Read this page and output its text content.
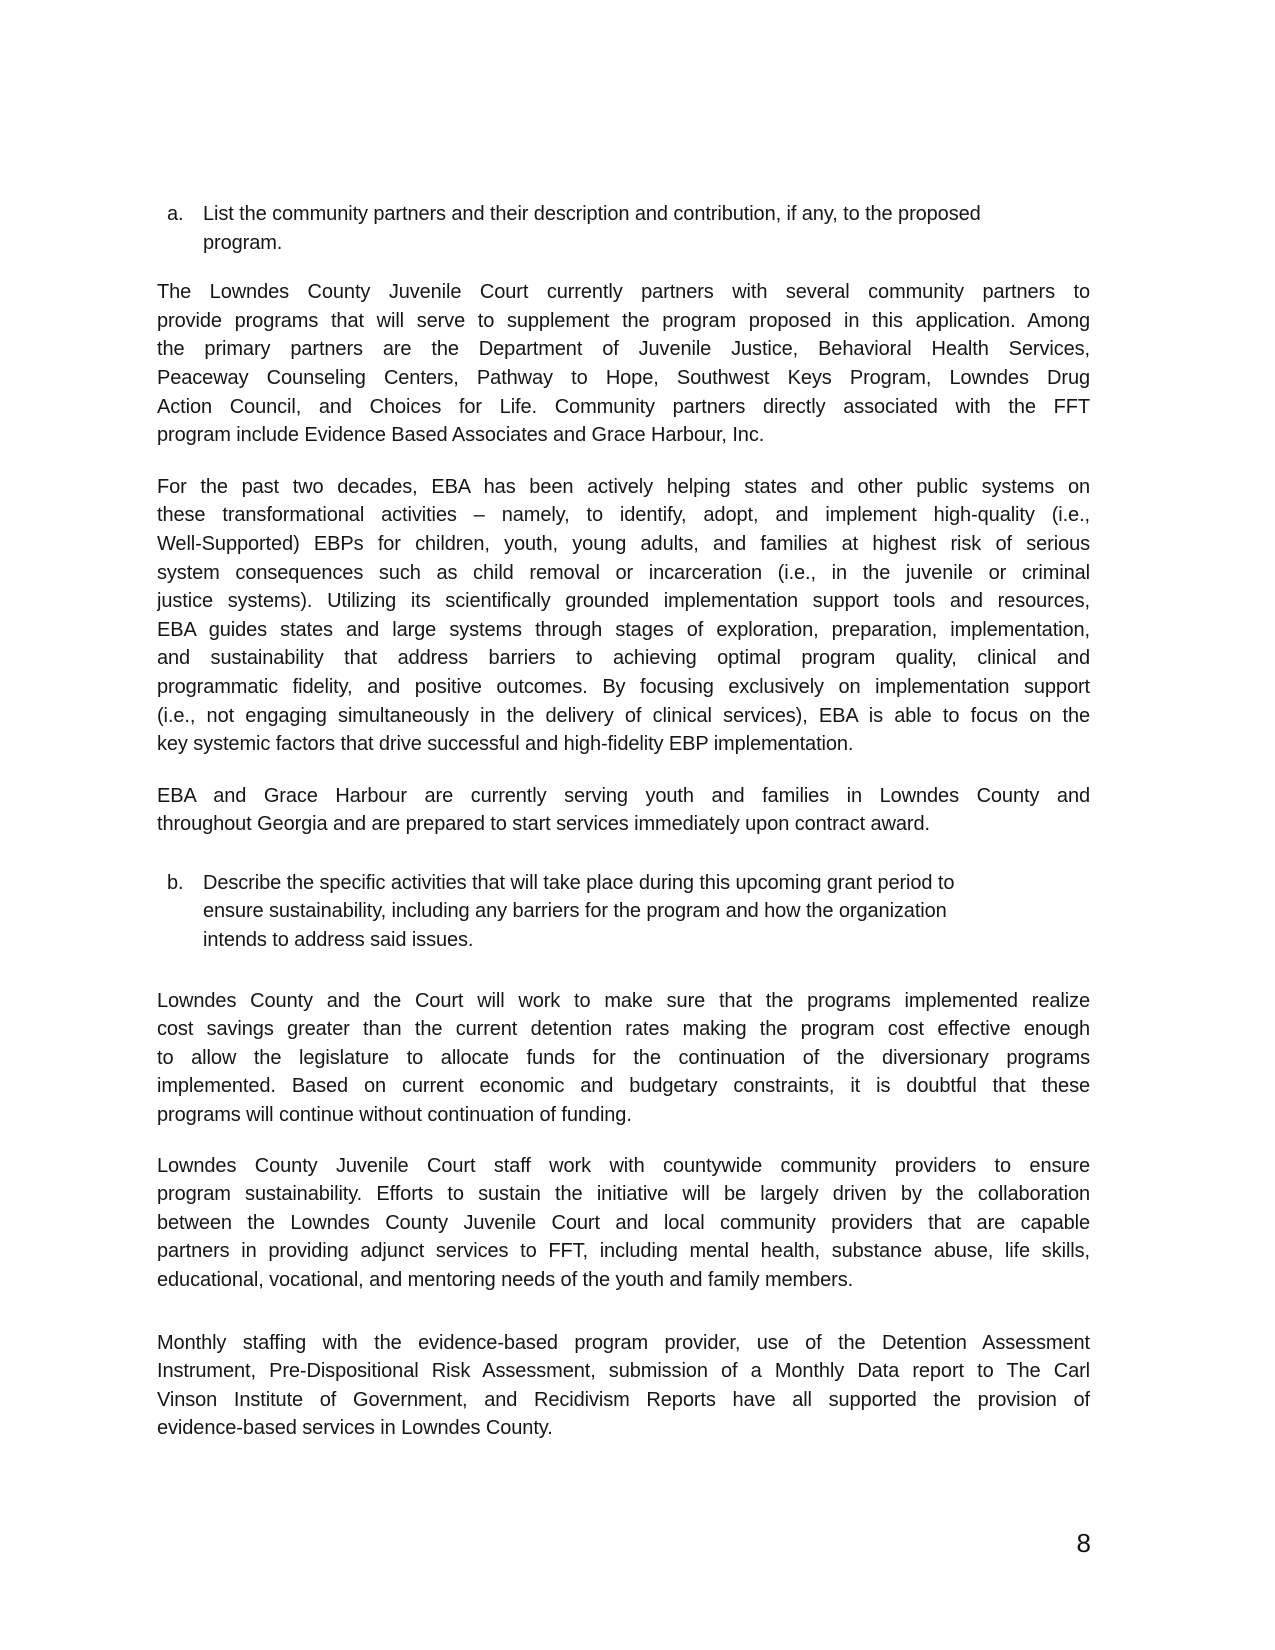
a. List the community partners and their description and contribution, if any, to the proposed
program.
The Lowndes County Juvenile Court currently partners with several community partners to
provide programs that will serve to supplement the program proposed in this application. Among
the primary partners are the Department of Juvenile Justice, Behavioral Health Services,
Peaceway Counseling Centers, Pathway to Hope, Southwest Keys Program, Lowndes Drug
Action Council, and Choices for Life. Community partners directly associated with the FFT
program include Evidence Based Associates and Grace Harbour, Inc.
For the past two decades, EBA has been actively helping states and other public systems on
these transformational activities – namely, to identify, adopt, and implement high-quality (i.e.,
Well-Supported) EBPs for children, youth, young adults, and families at highest risk of serious
system consequences such as child removal or incarceration (i.e., in the juvenile or criminal
justice systems). Utilizing its scientifically grounded implementation support tools and resources,
EBA guides states and large systems through stages of exploration, preparation, implementation,
and sustainability that address barriers to achieving optimal program quality, clinical and
programmatic fidelity, and positive outcomes. By focusing exclusively on implementation support
(i.e., not engaging simultaneously in the delivery of clinical services), EBA is able to focus on the
key systemic factors that drive successful and high-fidelity EBP implementation.
EBA and Grace Harbour are currently serving youth and families in Lowndes County and
throughout Georgia and are prepared to start services immediately upon contract award.
b. Describe the specific activities that will take place during this upcoming grant period to
ensure sustainability, including any barriers for the program and how the organization
intends to address said issues.
Lowndes County and the Court will work to make sure that the programs implemented realize
cost savings greater than the current detention rates making the program cost effective enough
to allow the legislature to allocate funds for the continuation of the diversionary programs
implemented. Based on current economic and budgetary constraints, it is doubtful that these
programs will continue without continuation of funding.
Lowndes County Juvenile Court staff work with countywide community providers to ensure
program sustainability. Efforts to sustain the initiative will be largely driven by the collaboration
between the Lowndes County Juvenile Court and local community providers that are capable
partners in providing adjunct services to FFT, including mental health, substance abuse, life skills,
educational, vocational, and mentoring needs of the youth and family members.
Monthly staffing with the evidence-based program provider, use of the Detention Assessment
Instrument, Pre-Dispositional Risk Assessment, submission of a Monthly Data report to The Carl
Vinson Institute of Government, and Recidivism Reports have all supported the provision of
evidence-based services in Lowndes County.
8
